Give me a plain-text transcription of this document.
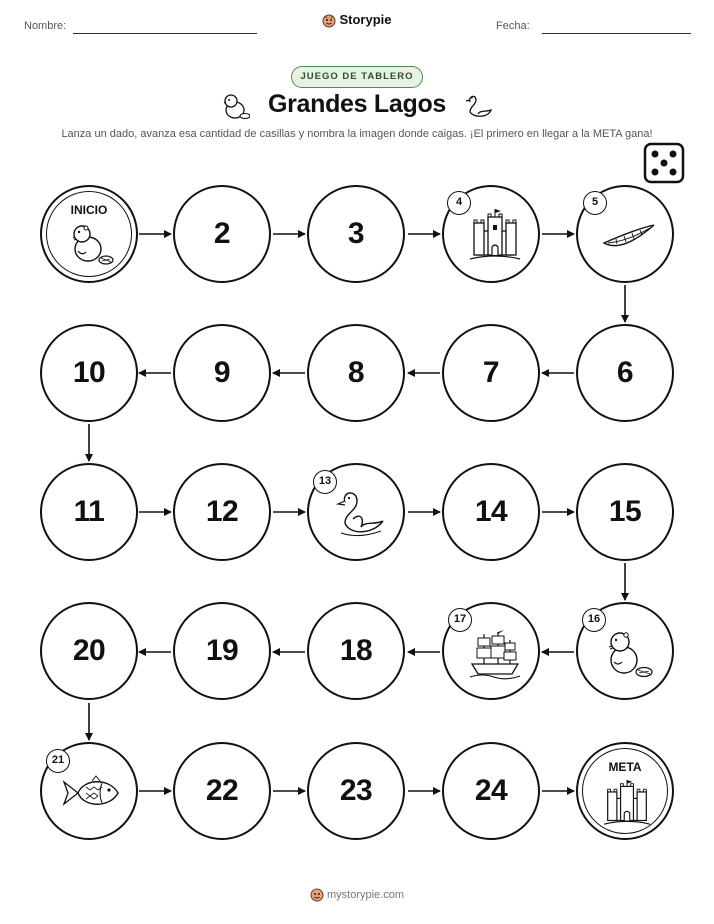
Nombre:	Storypie	Fecha:
JUEGO DE TABLERO
Grandes Lagos
Lanza un dado, avanza esa cantidad de casillas y nombra la imagen donde caigas. ¡El primero en llegar a la META gana!
INICIO
2	3
4	5
10	9	8	7	6
11	12
13
14	15
20	19	18
17	16
21
22	23	24
META
mystorypie.com
